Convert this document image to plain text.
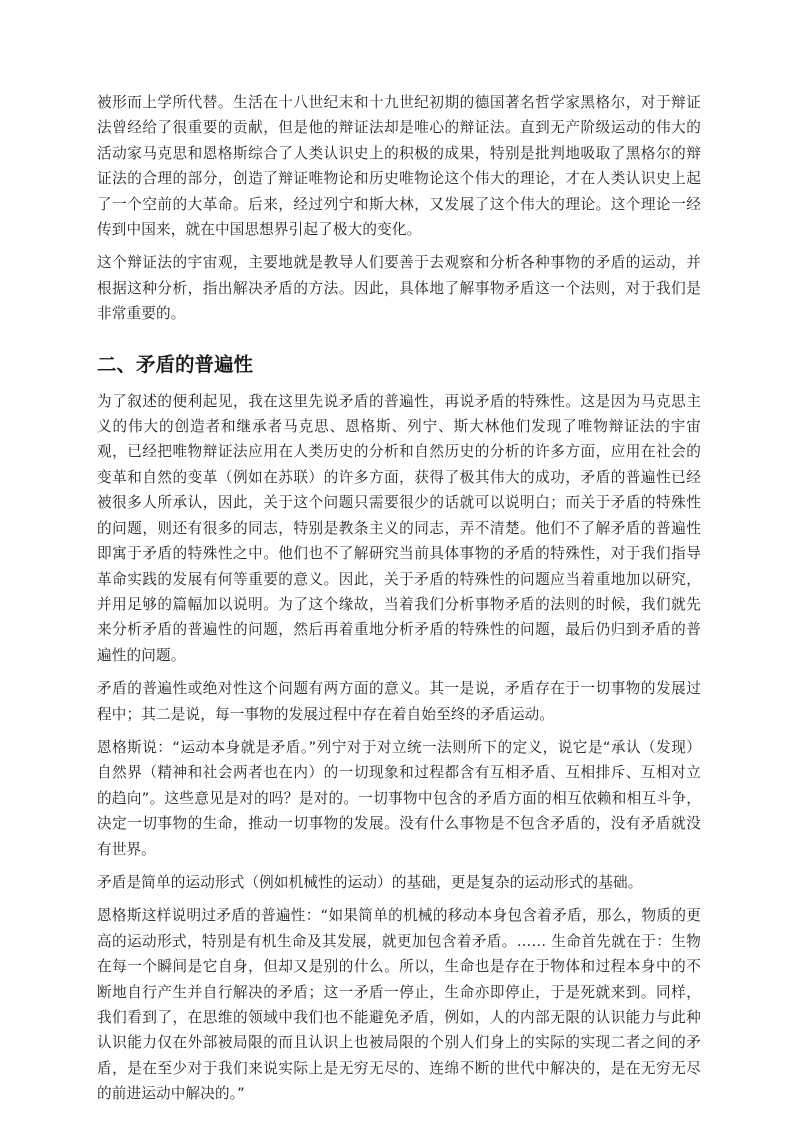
被形而上学所代替。生活在十八世纪末和十九世纪初期的德国著名哲学家黑格尔，对于辩证法曾经给了很重要的贡献，但是他的辩证法却是唯心的辩证法。直到无产阶级运动的伟大的活动家马克思和恩格斯综合了人类认识史上的积极的成果，特别是批判地吸取了黑格尔的辩证法的合理的部分，创造了辩证唯物论和历史唯物论这个伟大的理论，才在人类认识史上起了一个空前的大革命。后来，经过列宁和斯大林，又发展了这个伟大的理论。这个理论一经传到中国来，就在中国思想界引起了极大的变化。

这个辩证法的宇宙观，主要地就是教导人们要善于去观察和分析各种事物的矛盾的运动，并根据这种分析，指出解决矛盾的方法。因此，具体地了解事物矛盾这一个法则，对于我们是非常重要的。

二、矛盾的普遍性

为了叙述的便利起见，我在这里先说矛盾的普遍性，再说矛盾的特殊性。这是因为马克思主义的伟大的创造者和继承者马克思、恩格斯、列宁、斯大林他们发现了唯物辩证法的宇宙观，已经把唯物辩证法应用在人类历史的分析和自然历史的分析的许多方面，应用在社会的变革和自然的变革（例如在苏联）的许多方面，获得了极其伟大的成功，矛盾的普遍性已经被很多人所承认，因此，关于这个问题只需要很少的话就可以说明白；而关于矛盾的特殊性的问题，则还有很多的同志，特别是教条主义的同志，弄不清楚。他们不了解矛盾的普遍性即寓于矛盾的特殊性之中。他们也不了解研究当前具体事物的矛盾的特殊性，对于我们指导革命实践的发展有何等重要的意义。因此，关于矛盾的特殊性的问题应当着重地加以研究，并用足够的篇幅加以说明。为了这个缘故，当着我们分析事物矛盾的法则的时候，我们就先来分析矛盾的普遍性的问题，然后再着重地分析矛盾的特殊性的问题，最后仍归到矛盾的普遍性的问题。

矛盾的普遍性或绝对性这个问题有两方面的意义。其一是说，矛盾存在于一切事物的发展过程中；其二是说，每一事物的发展过程中存在着自始至终的矛盾运动。

恩格斯说：“运动本身就是矛盾。”列宁对于对立统一法则所下的定义，说它是“承认（发现）自然界（精神和社会两者也在内）的一切现象和过程都含有互相矛盾、互相排斥、互相对立的趋向”。这些意见是对的吗？是对的。一切事物中包含的矛盾方面的相互依赖和相互斗争，决定一切事物的生命，推动一切事物的发展。没有什么事物是不包含矛盾的，没有矛盾就没有世界。

矛盾是简单的运动形式（例如机械性的运动）的基础，更是复杂的运动形式的基础。

恩格斯这样说明过矛盾的普遍性：“如果简单的机械的移动本身包含着矛盾，那么，物质的更高的运动形式，特别是有机生命及其发展，就更加包含着矛盾。…… 生命首先就在于：生物在每一个瞬间是它自身，但却又是别的什么。所以，生命也是存在于物体和过程本身中的不断地自行产生并自行解决的矛盾；这一矛盾一停止，生命亦即停止，于是死就来到。同样，我们看到了，在思维的领域中我们也不能避免矛盾，例如，人的内部无限的认识能力与此种认识能力仅在外部被局限的而且认识上也被局限的个别人们身上的实际的实现二者之间的矛盾，是在至少对于我们来说实际上是无穷无尽的、连绵不断的世代中解决的，是在无穷无尽的前进运动中解决的。”
